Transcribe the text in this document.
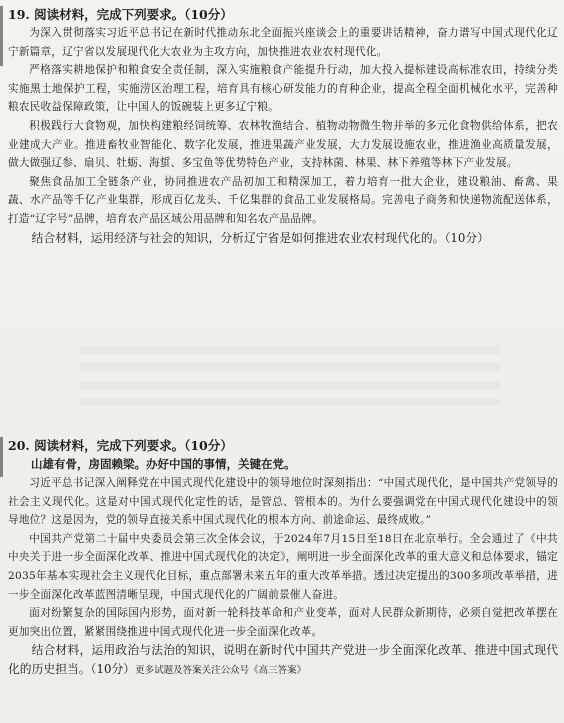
19. 阅读材料，完成下列要求。（10分）

为深入贯彻落实习近平总书记在新时代推动东北全面振兴座谈会上的重要讲话精神，奋力谱写中国式现代化辽宁新篇章，辽宁省以发展现代化大农业为主攻方向，加快推进农业农村现代化。

严格落实耕地保护和粮食安全责任制，深入实施粮食产能提升行动，加大投入提标建设高标准农田，持续分类实施黑土地保护工程，实施涝区治理工程，培育具有核心研发能力的育种企业，提高全程全面机械化水平，完善种粮农民收益保障政策，让中国人的饭碗装上更多辽宁粮。

积极践行大食物观，加快构建粮经饲统筹、农林牧渔结合、植物动物微生物并举的多元化食物供给体系，把农业建成大产业。推进畜牧业智能化、数字化发展，推进果蔬产业发展，大力发展设施农业，推进渔业高质量发展，做大做强辽参、扇贝、牡蛎、海蜇、多宝鱼等优势特色产业，支持林菌、林果、林下养殖等林下产业发展。

聚焦食品加工全链条产业，协同推进农产品初加工和精深加工，着力培育一批大企业，建设粮油、畜禽、果蔬、水产品等千亿产业集群，形成百亿龙头、千亿集群的食品工业发展格局。完善电子商务和快递物流配送体系，打造“辽字号”品牌，培育农产品区域公用品牌和知名农产品品牌。

结合材料，运用经济与社会的知识，分析辽宁省是如何推进农业农村现代化的。（10分）

20. 阅读材料，完成下列要求。（10分）

山雄有骨，房固赖梁。办好中国的事情，关键在党。

习近平总书记深入阐释党在中国式现代化建设中的领导地位时深刻指出：“中国式现代化，是中国共产党领导的社会主义现代化。这是对中国式现代化定性的话，是管总、管根本的。为什么要强调党在中国式现代化建设中的领导地位？这是因为，党的领导直接关系中国式现代化的根本方向、前途命运、最终成败。”

中国共产党第二十届中央委员会第三次全体会议，于2024年7月15日至18日在北京举行。全会通过了《中共中央关于进一步全面深化改革、推进中国式现代化的决定》，阐明进一步全面深化改革的重大意义和总体要求，锚定2035年基本实现社会主义现代化目标，重点部署未来五年的重大改革举措。透过决定提出的300多项改革举措，进一步全面深化改革蓝图清晰呈现，中国式现代化的广阔前景催人奋进。

面对纷繁复杂的国际国内形势，面对新一轮科技革命和产业变革，面对人民群众新期待，必须自觉把改革摆在更加突出位置，紧紧围绕推进中国式现代化进一步全面深化改革。

结合材料，运用政治与法治的知识，说明在新时代中国共产党进一步全面深化改革、推进中国式现代化的历史担当。（10分）更多试题及答案关注公众号《高三答案》
